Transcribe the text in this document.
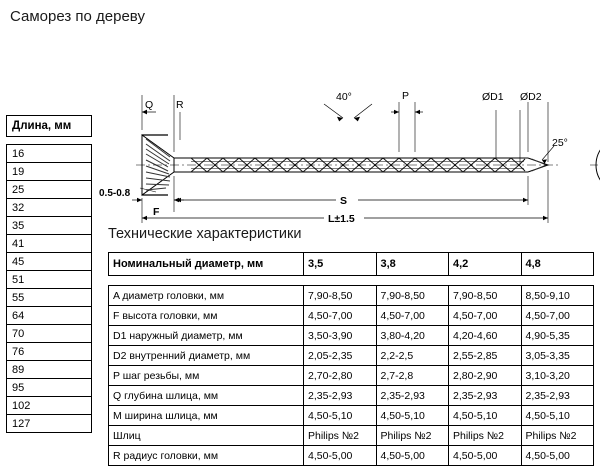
Саморез по дереву
Длина, мм

16
19
25
32
35
41
45
51
55
64
70
76
89
95
102
127
Q R
40°	P	ØD1 ØD2
0.5-0.8
F
S
L±1.5
25°
Технические характеристики
Номинальный диаметр, мм	3,5	3,8	4,2	4,8

A диаметр головки, мм	7,90-8,50	7,90-8,50	7,90-8,50	8,50-9,10
F высота головки, мм	4,50-7,00	4,50-7,00	4,50-7,00	4,50-7,00
D1 наружный диаметр, мм	3,50-3,90	3,80-4,20	4,20-4,60	4,90-5,35
D2 внутренний диаметр, мм	2,05-2,35	2,2-2,5	2,55-2,85	3,05-3,35
P шаг резьбы, мм	2,70-2,80	2,7-2,8	2,80-2,90	3,10-3,20
Q глубина шлица, мм	2,35-2,93	2,35-2,93	2,35-2,93	2,35-2,93
M ширина шлица, мм	4,50-5,10	4,50-5,10	4,50-5,10	4,50-5,10
Шлиц	Philips №2	Philips №2	Philips №2	Philips №2
R радиус головки, мм	4,50-5,00	4,50-5,00	4,50-5,00	4,50-5,00
